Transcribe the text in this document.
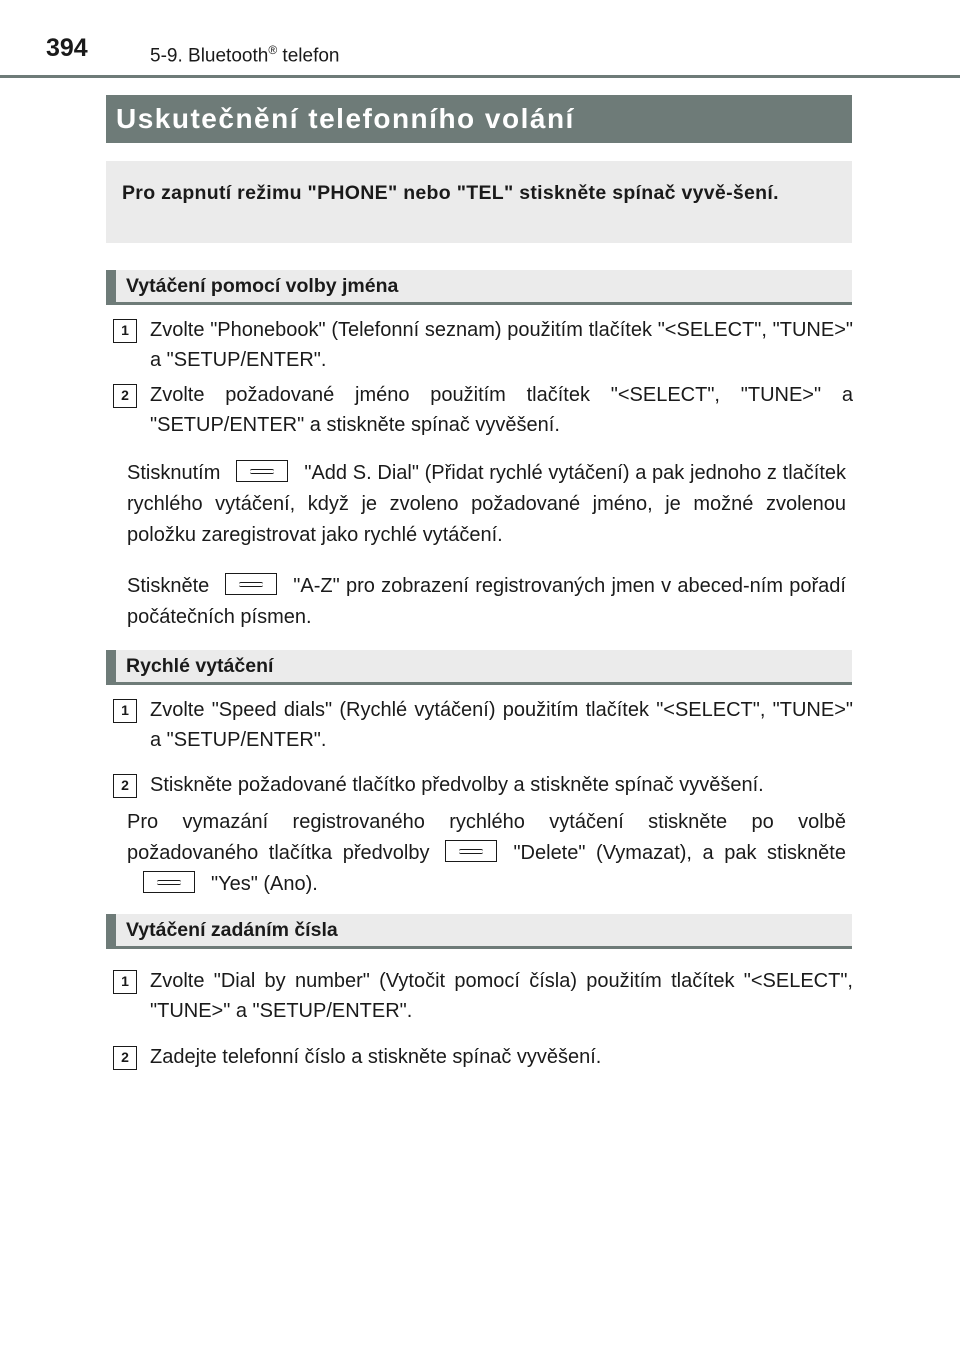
394	5-9. Bluetooth® telefon
Uskutečnění telefonního volání
Pro zapnutí režimu "PHONE" nebo "TEL" stiskněte spínač vyvě-šení.
Vytáčení pomocí volby jména
1	Zvolte "Phonebook" (Telefonní seznam) použitím tlačítek "<SELECT", "TUNE>" a "SETUP/ENTER".
2	Zvolte požadované jméno použitím tlačítek "<SELECT", "TUNE>" a "SETUP/ENTER" a stiskněte spínač vyvěšení.
Stisknutím	"Add S. Dial" (Přidat rychlé vytáčení) a pak jednoho z tlačítek rychlého vytáčení, když je zvoleno požadované jméno, je možné zvolenou položku zaregistrovat jako rychlé vytáčení.
Stiskněte	"A-Z" pro zobrazení registrovaných jmen v abeced-ním pořadí počátečních písmen.
Rychlé vytáčení
1	Zvolte "Speed dials" (Rychlé vytáčení) použitím tlačítek "<SELECT", "TUNE>" a "SETUP/ENTER".
2	Stiskněte požadované tlačítko předvolby a stiskněte spínač vyvěšení.
Pro vymazání registrovaného rychlého vytáčení stiskněte po volbě požadovaného tlačítka předvolby	"Delete" (Vymazat), a pak stiskněte"Yes" (Ano).
Vytáčení zadáním čísla
1	Zvolte "Dial by number" (Vytočit pomocí čísla) použitím tlačítek "<SELECT", "TUNE>" a "SETUP/ENTER".
2	Zadejte telefonní číslo a stiskněte spínač vyvěšení.
